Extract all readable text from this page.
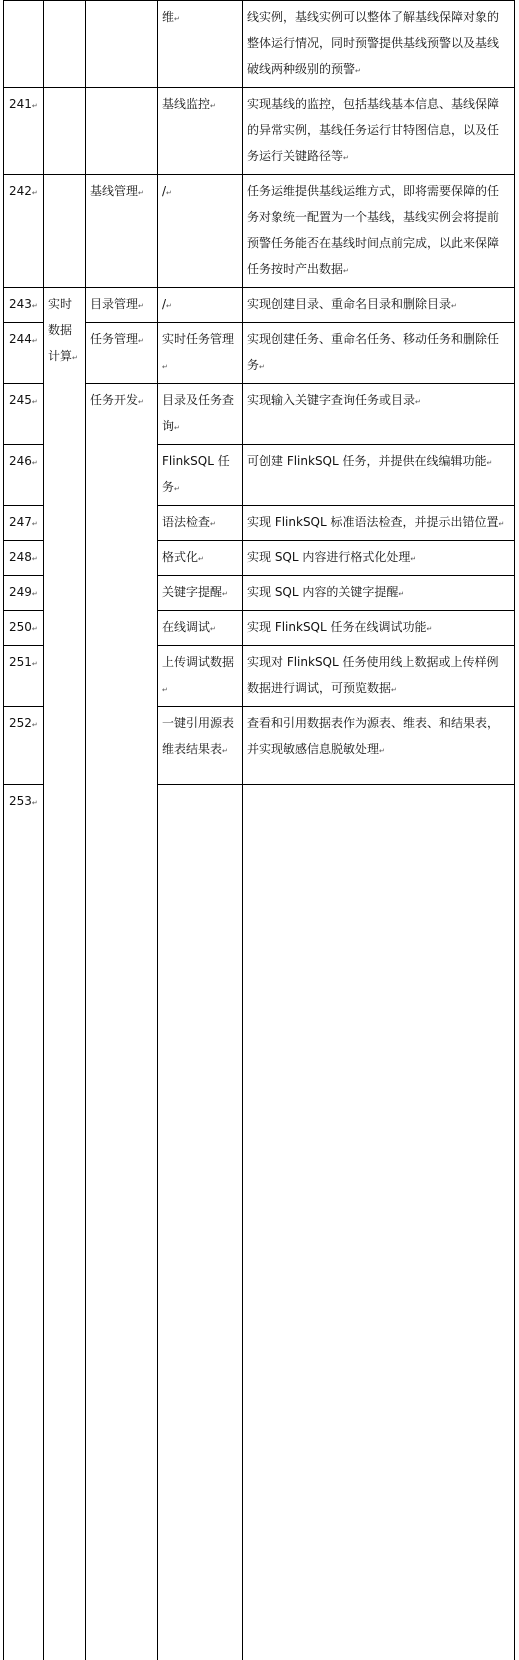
			维↵	线实例，基线实例可以整体了解基线保障对象的整体运行情况，同时预警提供基线预警以及基线破线两种级别的预警↵	
241↵			基线监控↵	实现基线的监控，包括基线基本信息、基线保障的异常实例，基线任务运行甘特图信息，以及任务运行关键路径等↵	
242↵		基线管理↵	/↵	任务运维提供基线运维方式，即将需要保障的任务对象统一配置为一个基线，基线实例会将提前预警任务能否在基线时间点前完成，以此来保障任务按时产出数据↵	
243↵	实时数据计算↵	目录管理↵	/↵	实现创建目录、重命名目录和删除目录↵	
244↵		任务管理↵	实时任务管理↵	实现创建任务、重命名任务、移动任务和删除任务↵	
245↵		任务开发↵	目录及任务查询↵	实现输入关键字查询任务或目录↵	
246↵			FlinkSQL 任务↵	可创建 FlinkSQL 任务，并提供在线编辑功能↵	
247↵			语法检查↵	实现 FlinkSQL 标准语法检查，并提示出错位置↵	
248↵			格式化↵	实现 SQL 内容进行格式化处理↵	
249↵			关键字提醒↵	实现 SQL 内容的关键字提醒↵	
250↵			在线调试↵	实现 FlinkSQL 任务在线调试功能↵	
251↵			上传调试数据↵	实现对 FlinkSQL 任务使用线上数据或上传样例数据进行调试，可预览数据↵	
252↵			一键引用源表维表结果表↵	查看和引用数据表作为源表、维表、和结果表，并实现敏感信息脱敏处理↵	
253↵				
